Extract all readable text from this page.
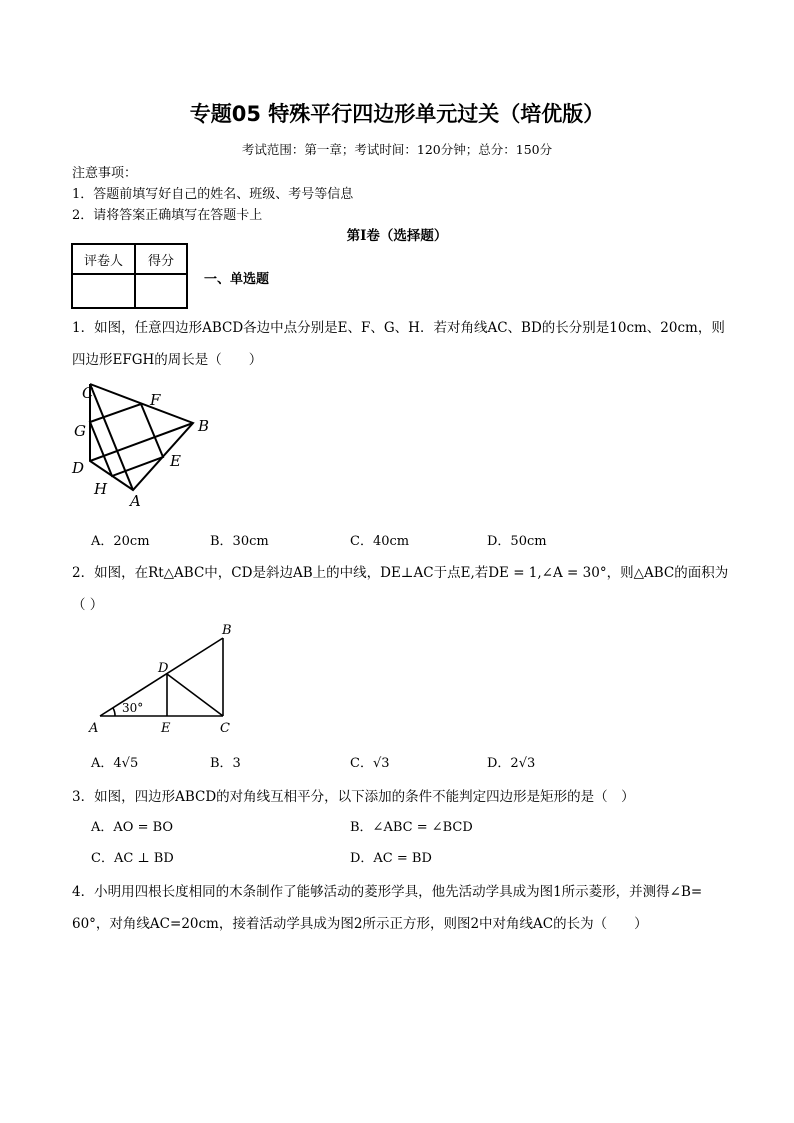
专题05 特殊平行四边形单元过关（培优版）
考试范围：第一章；考试时间：120分钟；总分：150分
注意事项：
1．答题前填写好自己的姓名、班级、考号等信息
2．请将答案正确填写在答题卡上
第I卷（选择题）
评卷人	得分

一、单选题
1．如图，任意四边形ABCD各边中点分别是E、F、G、H．若对角线AC、BD的长分别是10cm、20cm，则
四边形EFGH的周长是（　　）
C	F
G	B
D	E
H
A
A．20cm	B．30cm	C．40cm	D．50cm
2．如图，在Rt△ABC中，CD是斜边AB上的中线，DE⊥AC于点E,若DE = 1,∠A = 30°，则△ABC的面积为
（ ）
30°
B
D
A	E	C
A．4√5	B．3	C．√3	D．2√3
3．如图，四边形ABCD的对角线互相平分，以下添加的条件不能判定四边形是矩形的是（　）
A．AO = BO	B．∠ABC = ∠BCD
C．AC ⊥ BD	D．AC = BD
4．小明用四根长度相同的木条制作了能够活动的菱形学具，他先活动学具成为图1所示菱形，并测得∠B=
60°，对角线AC=20cm，接着活动学具成为图2所示正方形，则图2中对角线AC的长为（　　）
